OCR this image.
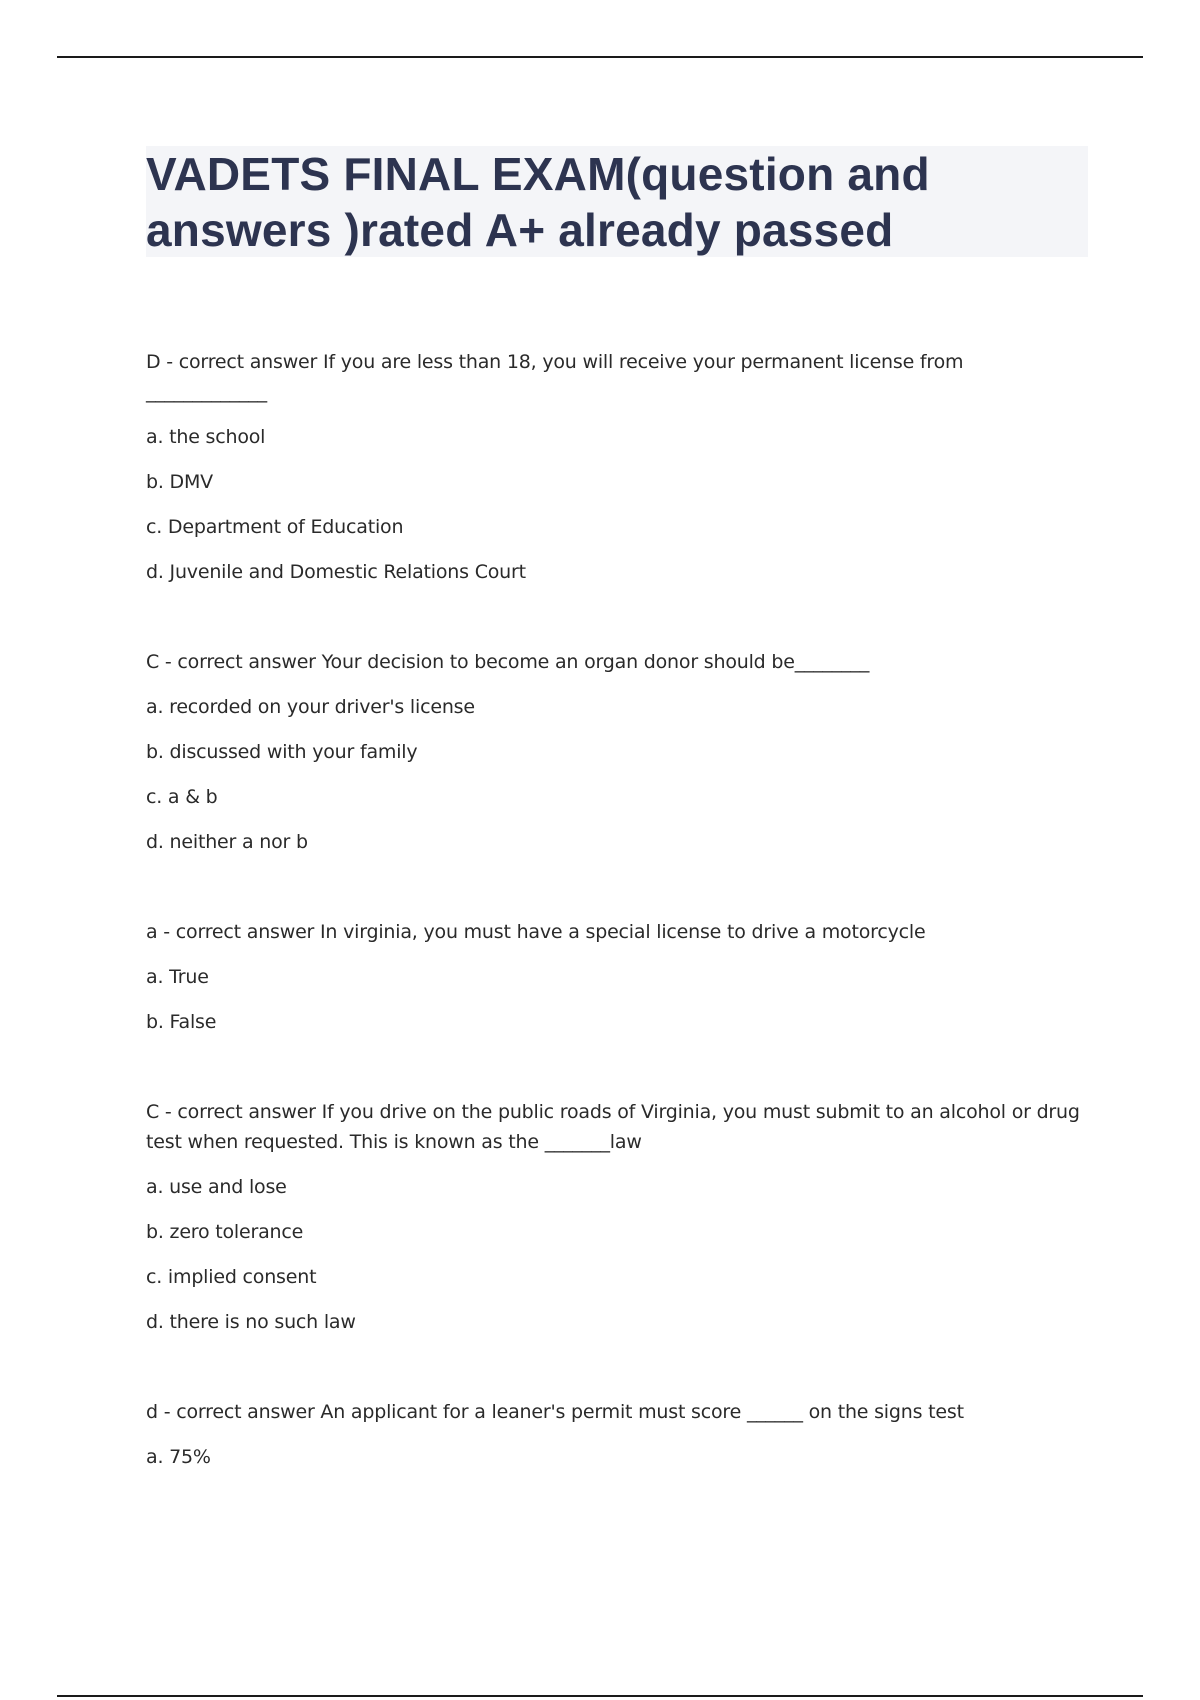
VADETS FINAL EXAM(question and answers )rated A+ already passed

D - correct answer If you are less than 18, you will receive your permanent license from _____________

a. the school

b. DMV

c. Department of Education

d. Juvenile and Domestic Relations Court

C - correct answer Your decision to become an organ donor should be________

a. recorded on your driver's license

b. discussed with your family

c. a & b

d. neither a nor b

a - correct answer In virginia, you must have a special license to drive a motorcycle

a. True

b. False

C - correct answer If you drive on the public roads of Virginia, you must submit to an alcohol or drug test when requested. This is known as the _______law

a. use and lose

b. zero tolerance

c. implied consent

d. there is no such law

d - correct answer An applicant for a leaner's permit must score ______ on the signs test

a. 75%
